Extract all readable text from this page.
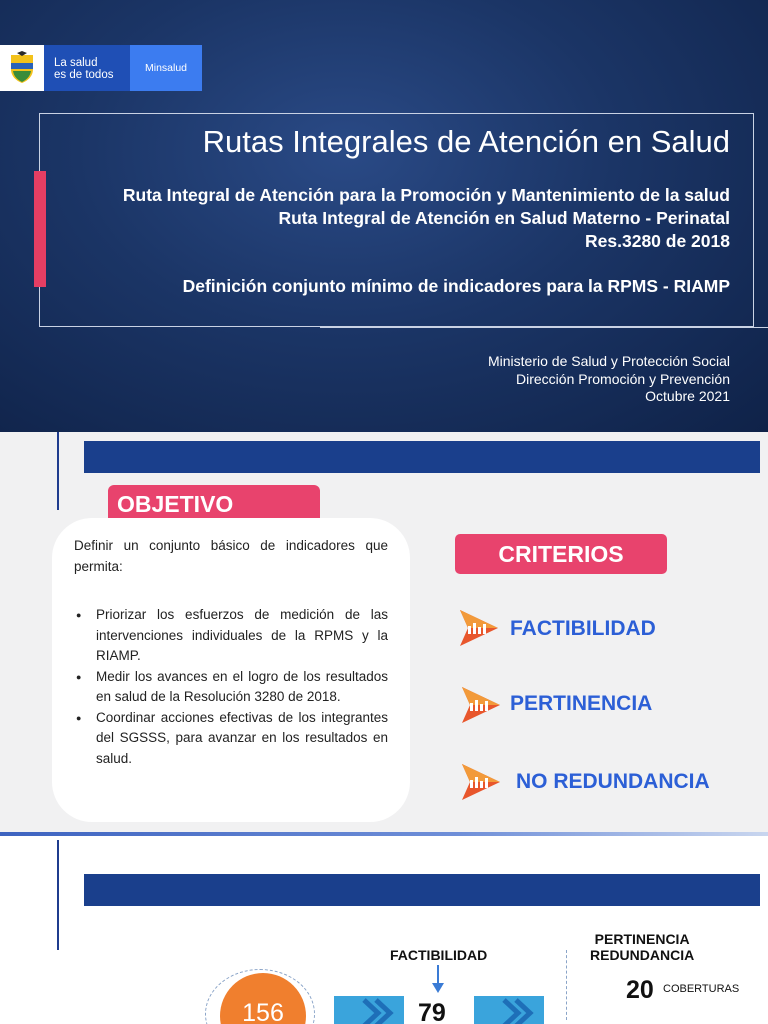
La salud
es de todos
Minsalud
Rutas Integrales de Atención en Salud
Ruta Integral de Atención para la Promoción y Mantenimiento de la salud
Ruta Integral de Atención en Salud Materno - Perinatal
Res.3280 de 2018
Definición conjunto mínimo de indicadores para la RPMS - RIAMP
Ministerio de Salud y Protección Social
Dirección Promoción y Prevención
Octubre 2021
OBJETIVO

Definir un conjunto básico de indicadores que permita:

● Priorizar los esfuerzos de medición de las intervenciones individuales de la RPMS y la RIAMP.
● Medir los avances en el logro de los resultados en salud de la Resolución 3280 de 2018.
● Coordinar acciones efectivas de los integrantes del SGSSS, para avanzar en los resultados en salud.
CRITERIOS
FACTIBILIDAD
PERTINENCIA
NO REDUNDANCIA
FACTIBILIDAD
PERTINENCIA
REDUNDANCIA
156	79
20 COBERTURAS
